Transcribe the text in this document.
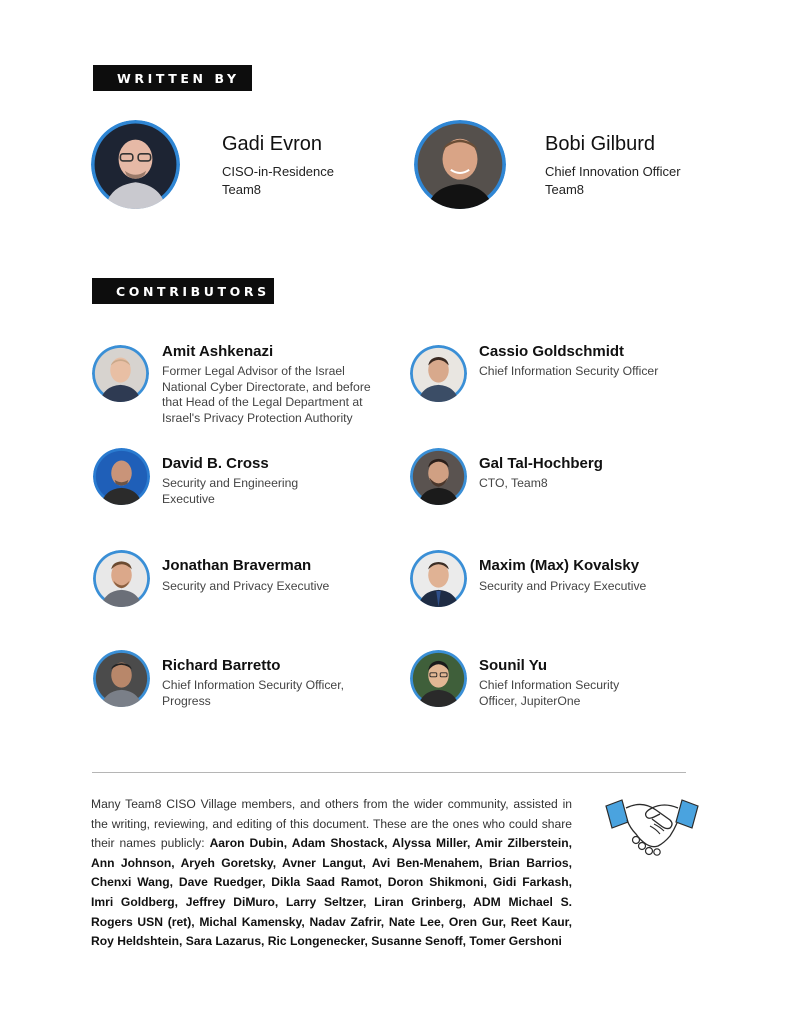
WRITTEN BY
Gadi Evron
CISO-in-Residence
Team8
Bobi Gilburd
Chief Innovation Officer
Team8
CONTRIBUTORS
Amit Ashkenazi
Former Legal Advisor of the Israel
National Cyber Directorate, and before
that Head of the Legal Department at
Israel's Privacy Protection Authority
Cassio Goldschmidt
Chief Information Security Officer
David B. Cross
Security and Engineering
Executive
Gal Tal-Hochberg
CTO, Team8
Jonathan Braverman
Security and Privacy Executive
Maxim (Max) Kovalsky
Security and Privacy Executive
Richard Barretto
Chief Information Security Officer,
Progress
Sounil Yu
Chief Information Security
Officer, JupiterOne

Many Team8 CISO Village members, and others from the wider community, assisted in the writing, reviewing, and editing of this document. These are the ones who could share their names publicly: Aaron Dubin, Adam Shostack, Alyssa Miller, Amir Zilberstein, Ann Johnson, Aryeh Goretsky, Avner Langut, Avi Ben-Menahem, Brian Barrios, Chenxi Wang, Dave Ruedger, Dikla Saad Ramot, Doron Shikmoni, Gidi Farkash, Imri Goldberg, Jeffrey DiMuro, Larry Seltzer, Liran Grinberg, ADM Michael S. Rogers USN (ret), Michal Kamensky, Nadav Zafrir, Nate Lee, Oren Gur, Reet Kaur, Roy Heldshtein, Sara Lazarus, Ric Longenecker, Susanne Senoff, Tomer Gershoni
